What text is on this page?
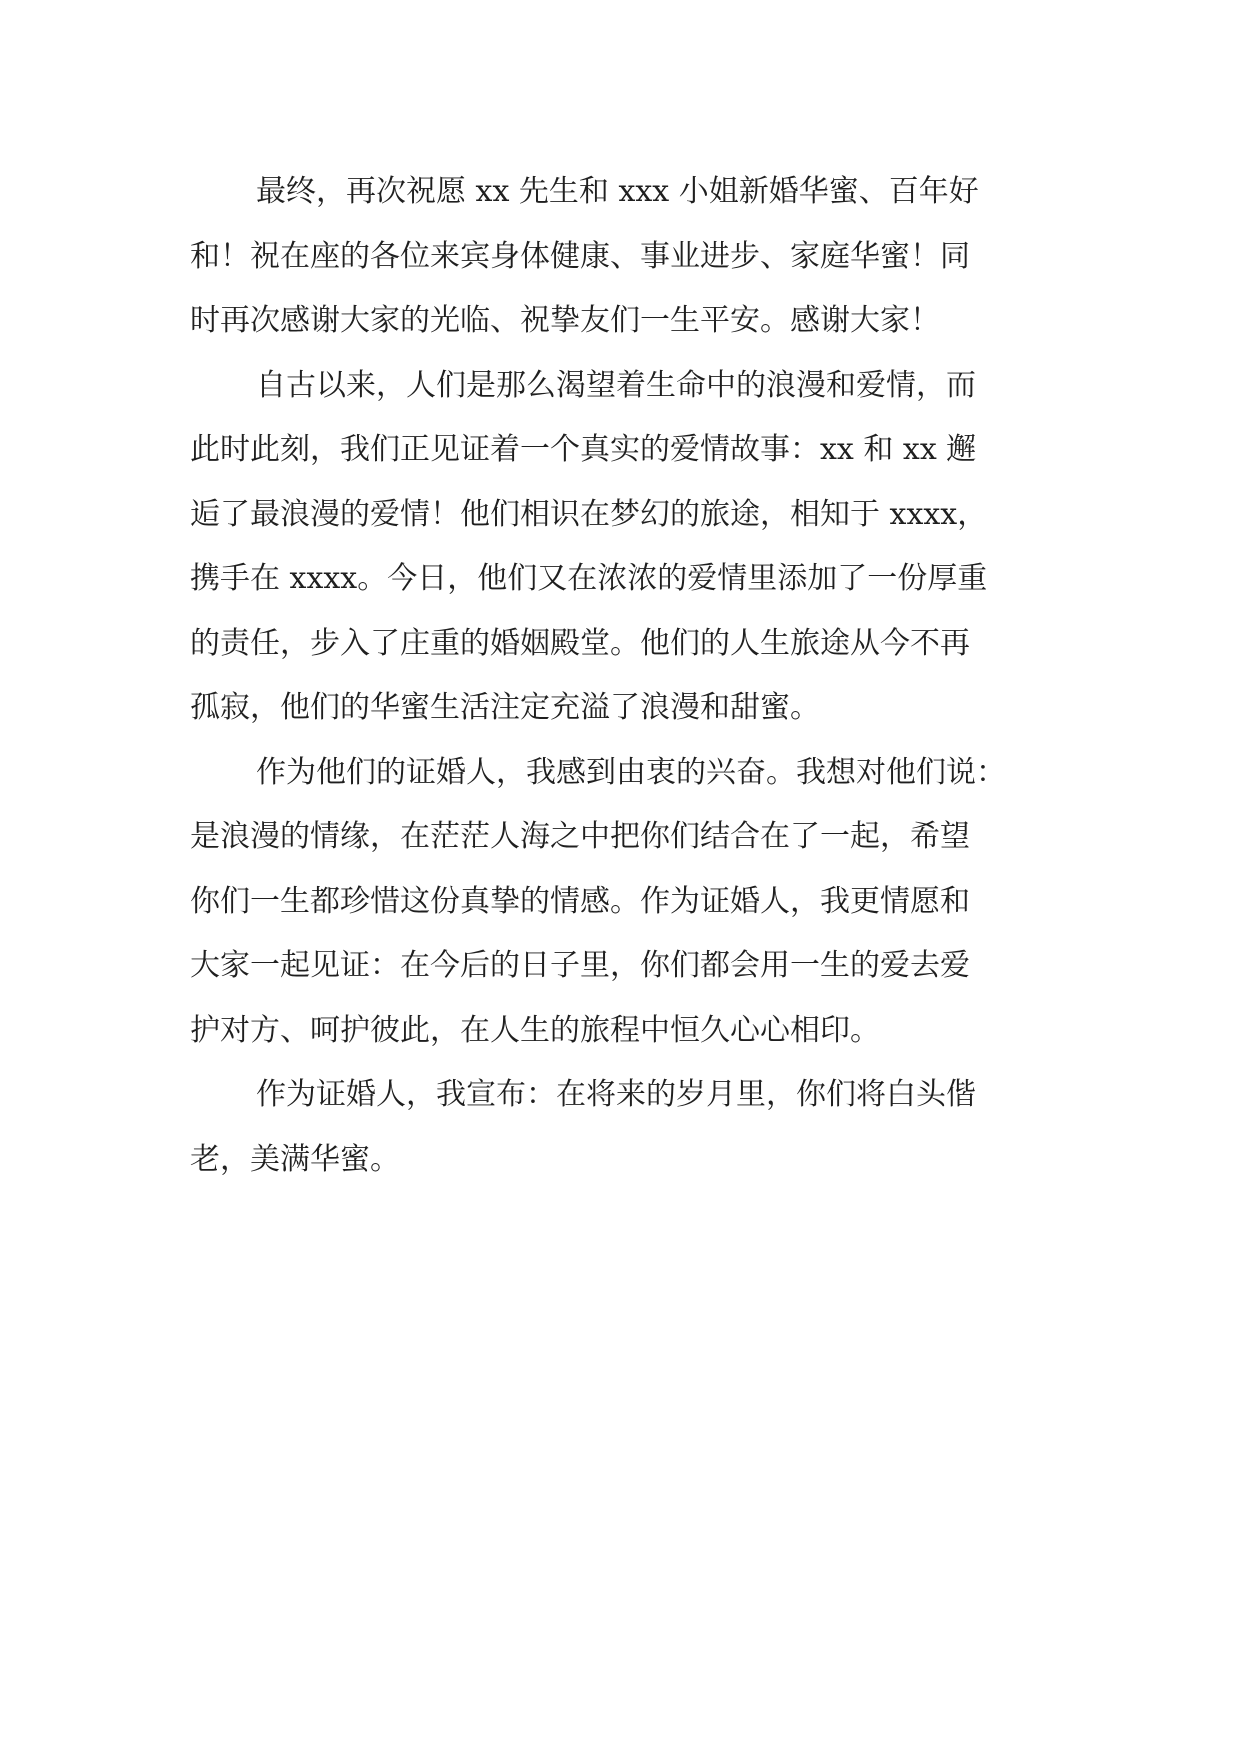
最终，再次祝愿 xx 先生和 xxx 小姐新婚华蜜、百年好
和！祝在座的各位来宾身体健康、事业进步、家庭华蜜！同
时再次感谢大家的光临、祝挚友们一生平安。感谢大家！
自古以来，人们是那么渴望着生命中的浪漫和爱情，而
此时此刻，我们正见证着一个真实的爱情故事：xx 和 xx 邂
逅了最浪漫的爱情！他们相识在梦幻的旅途，相知于 xxxx，
携手在 xxxx。今日，他们又在浓浓的爱情里添加了一份厚重
的责任，步入了庄重的婚姻殿堂。他们的人生旅途从今不再
孤寂，他们的华蜜生活注定充溢了浪漫和甜蜜。
作为他们的证婚人，我感到由衷的兴奋。我想对他们说：
是浪漫的情缘，在茫茫人海之中把你们结合在了一起，希望
你们一生都珍惜这份真挚的情感。作为证婚人，我更情愿和
大家一起见证：在今后的日子里，你们都会用一生的爱去爱
护对方、呵护彼此，在人生的旅程中恒久心心相印。
作为证婚人，我宣布：在将来的岁月里，你们将白头偕
老，美满华蜜。
